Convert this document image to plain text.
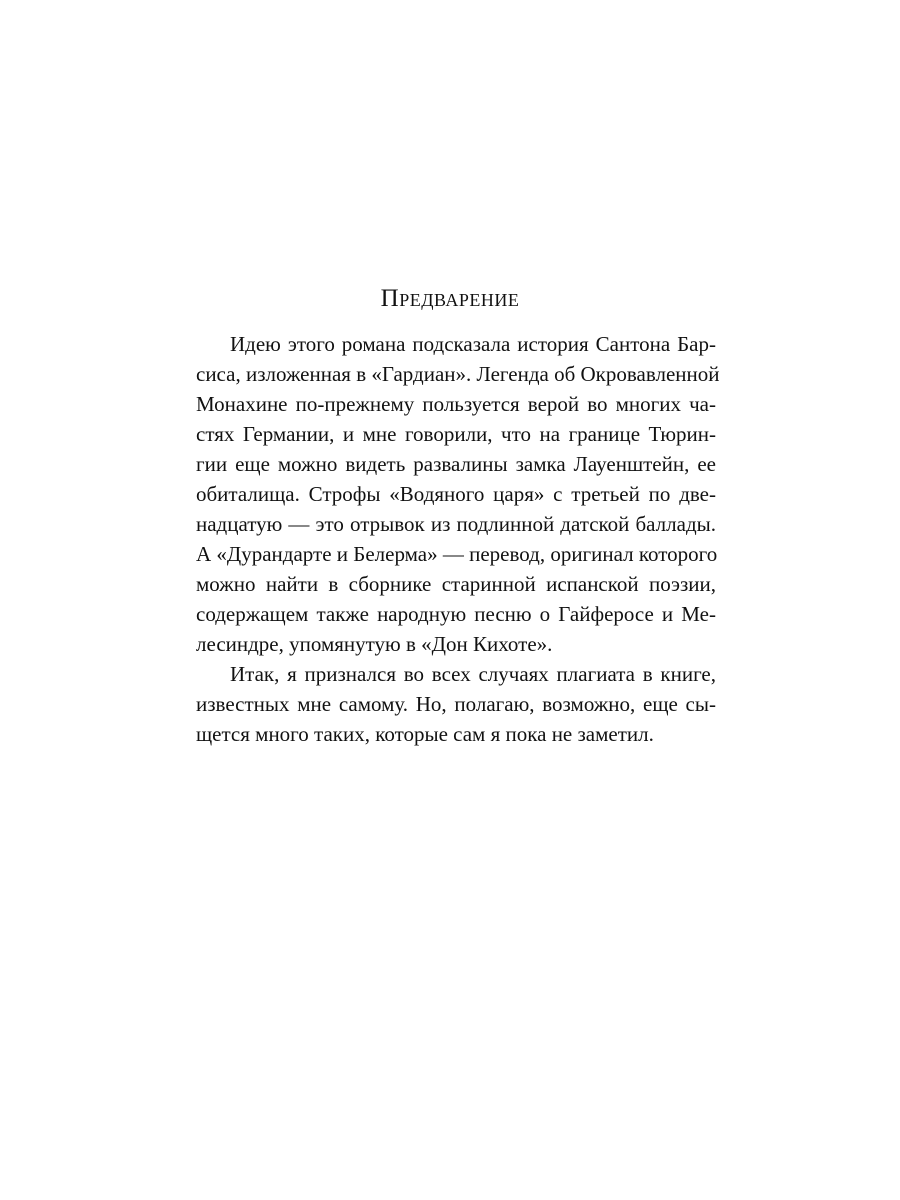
Предварение
Идею этого романа подсказала история Сантона Бар-
сиса, изложенная в «Гардиан». Легенда об Окровавленной
Монахине по-прежнему пользуется верой во многих ча-
стях Германии, и мне говорили, что на границе Тюрин-
гии еще можно видеть развалины замка Лауенштейн, ее
обиталища. Строфы «Водяного царя» с третьей по две-
надцатую — это отрывок из подлинной датской баллады.
А «Дурандарте и Белерма» — перевод, оригинал которого
можно найти в сборнике старинной испанской поэзии,
содержащем также народную песню о Гайферосе и Ме-
лесиндре, упомянутую в «Дон Кихоте».
Итак, я признался во всех случаях плагиата в книге,
известных мне самому. Но, полагаю, возможно, еще сы-
щется много таких, которые сам я пока не заметил.
